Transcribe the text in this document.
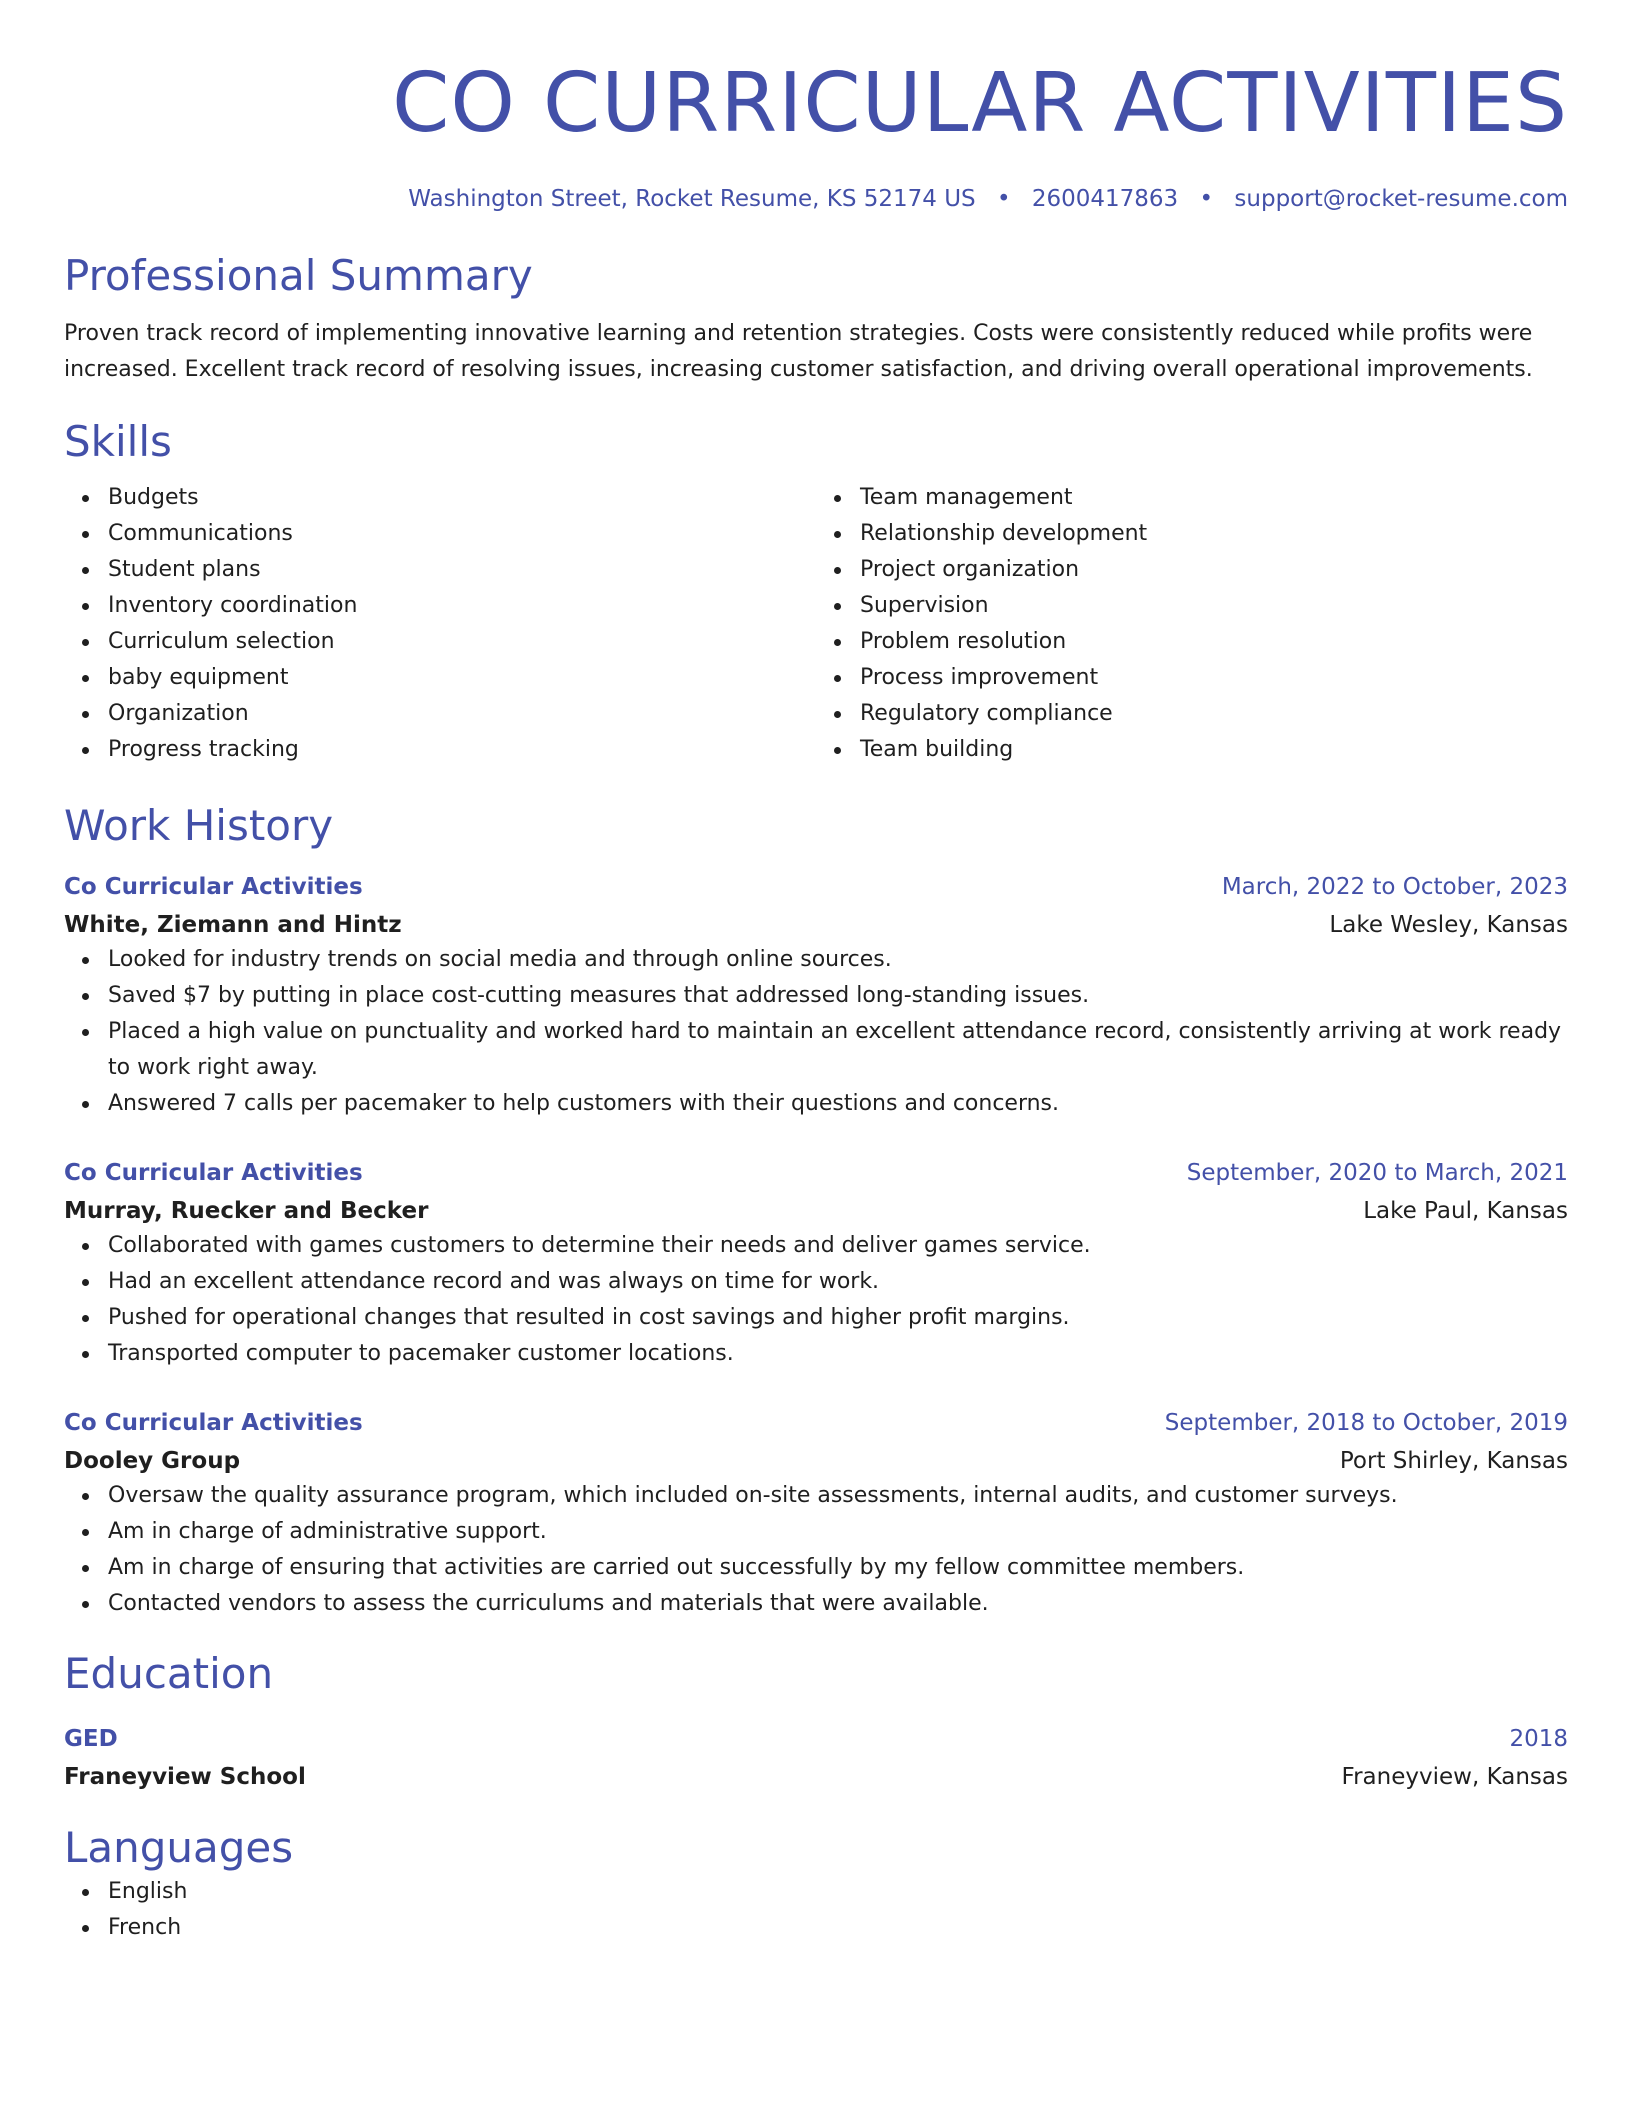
CO CURRICULAR ACTIVITIES
Washington Street, Rocket Resume, KS 52174 US • 2600417863 • support@rocket-resume.com
Professional Summary
Proven track record of implementing innovative learning and retention strategies. Costs were consistently reduced while profits were increased. Excellent track record of resolving issues, increasing customer satisfaction, and driving overall operational improvements.
Skills
Budgets
Communications
Student plans
Inventory coordination
Curriculum selection
baby equipment
Organization
Progress tracking
Team management
Relationship development
Project organization
Supervision
Problem resolution
Process improvement
Regulatory compliance
Team building
Work History
Co Curricular Activities	March, 2022 to October, 2023
White, Ziemann and Hintz	Lake Wesley, Kansas
Looked for industry trends on social media and through online sources.
Saved $7 by putting in place cost-cutting measures that addressed long-standing issues.
Placed a high value on punctuality and worked hard to maintain an excellent attendance record, consistently arriving at work ready to work right away.
Answered 7 calls per pacemaker to help customers with their questions and concerns.
Co Curricular Activities	September, 2020 to March, 2021
Murray, Ruecker and Becker	Lake Paul, Kansas
Collaborated with games customers to determine their needs and deliver games service.
Had an excellent attendance record and was always on time for work.
Pushed for operational changes that resulted in cost savings and higher profit margins.
Transported computer to pacemaker customer locations.
Co Curricular Activities	September, 2018 to October, 2019
Dooley Group	Port Shirley, Kansas
Oversaw the quality assurance program, which included on-site assessments, internal audits, and customer surveys.
Am in charge of administrative support.
Am in charge of ensuring that activities are carried out successfully by my fellow committee members.
Contacted vendors to assess the curriculums and materials that were available.
Education
GED	2018
Franeyview School	Franeyview, Kansas
Languages
English
French
